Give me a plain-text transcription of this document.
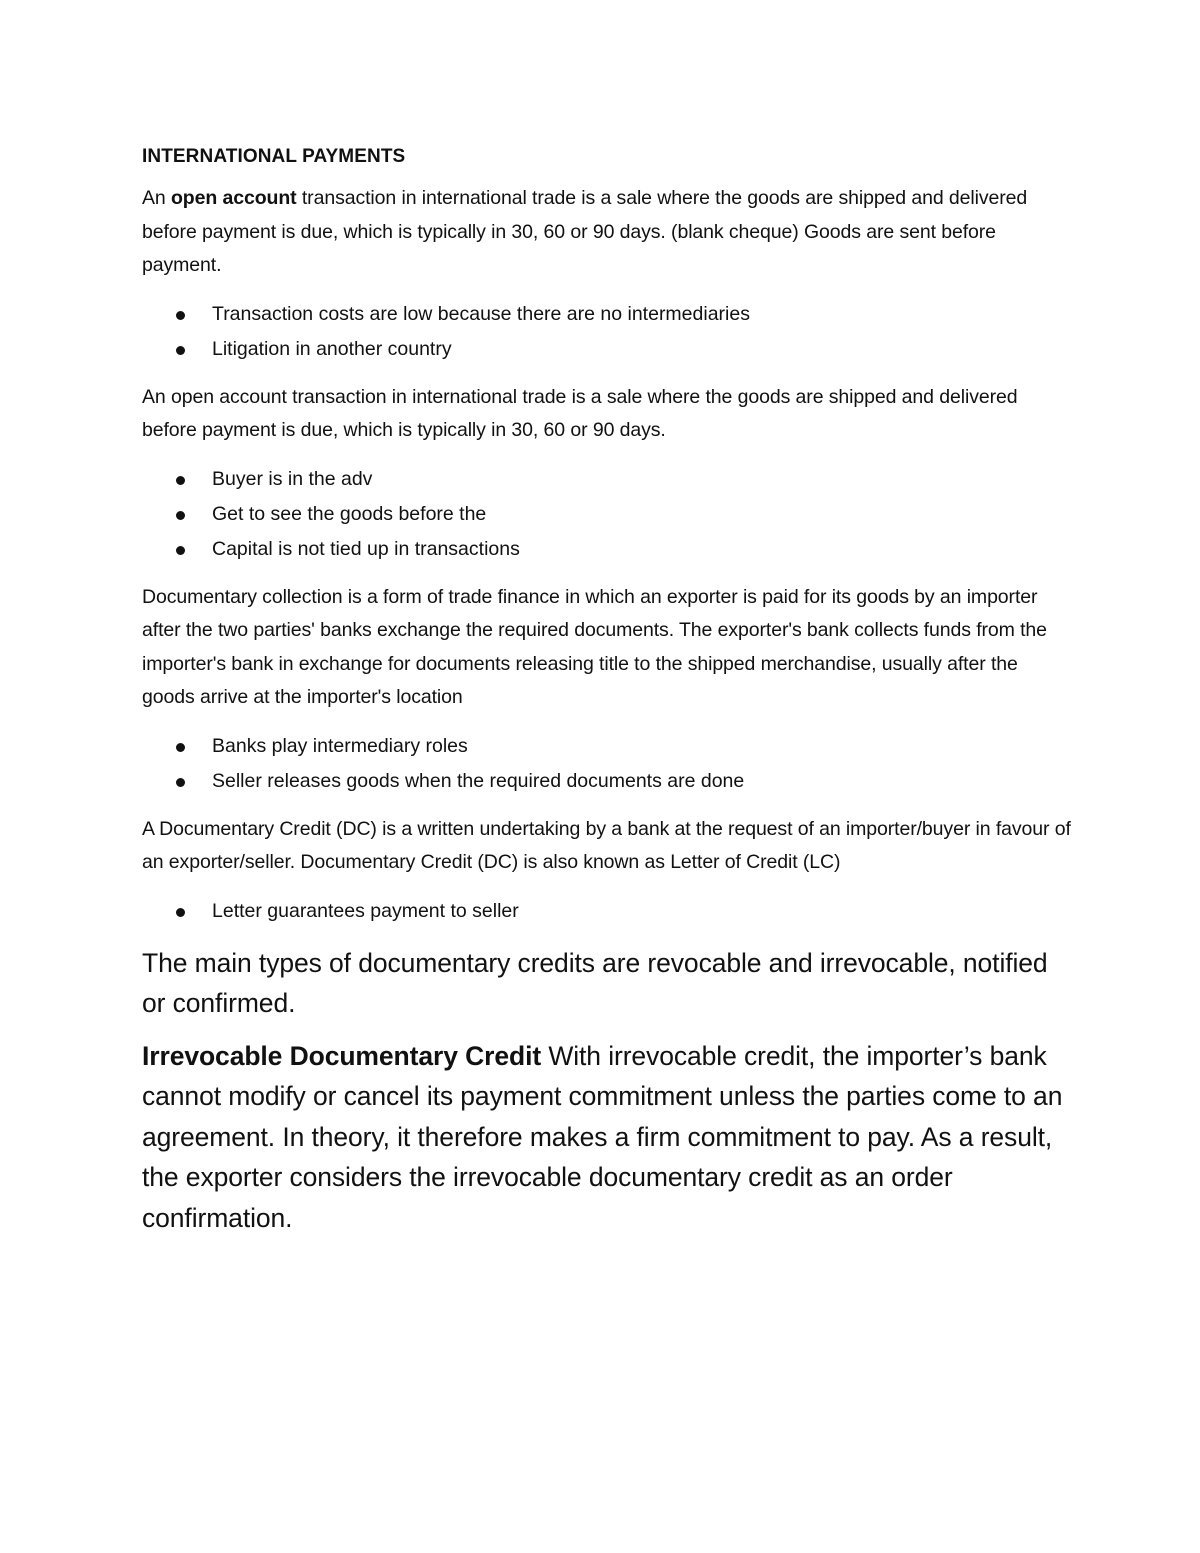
INTERNATIONAL PAYMENTS

An open account transaction in international trade is a sale where the goods are shipped and delivered before payment is due, which is typically in 30, 60 or 90 days. (blank cheque) Goods are sent before payment.

Transaction costs are low because there are no intermediaries
Litigation in another country

An open account transaction in international trade is a sale where the goods are shipped and delivered before payment is due, which is typically in 30, 60 or 90 days.

Buyer is in the adv
Get to see the goods before the
Capital is not tied up in transactions

Documentary collection is a form of trade finance in which an exporter is paid for its goods by an importer after the two parties' banks exchange the required documents. The exporter's bank collects funds from the importer's bank in exchange for documents releasing title to the shipped merchandise, usually after the goods arrive at the importer's location

Banks play intermediary roles
Seller releases goods when the required documents are done

A Documentary Credit (DC) is a written undertaking by a bank at the request of an importer/buyer in favour of an exporter/seller. Documentary Credit (DC) is also known as Letter of Credit (LC)

Letter guarantees payment to seller

The main types of documentary credits are revocable and irrevocable, notified or confirmed.

Irrevocable Documentary Credit With irrevocable credit, the importer’s bank cannot modify or cancel its payment commitment unless the parties come to an agreement. In theory, it therefore makes a firm commitment to pay. As a result, the exporter considers the irrevocable documentary credit as an order confirmation.
